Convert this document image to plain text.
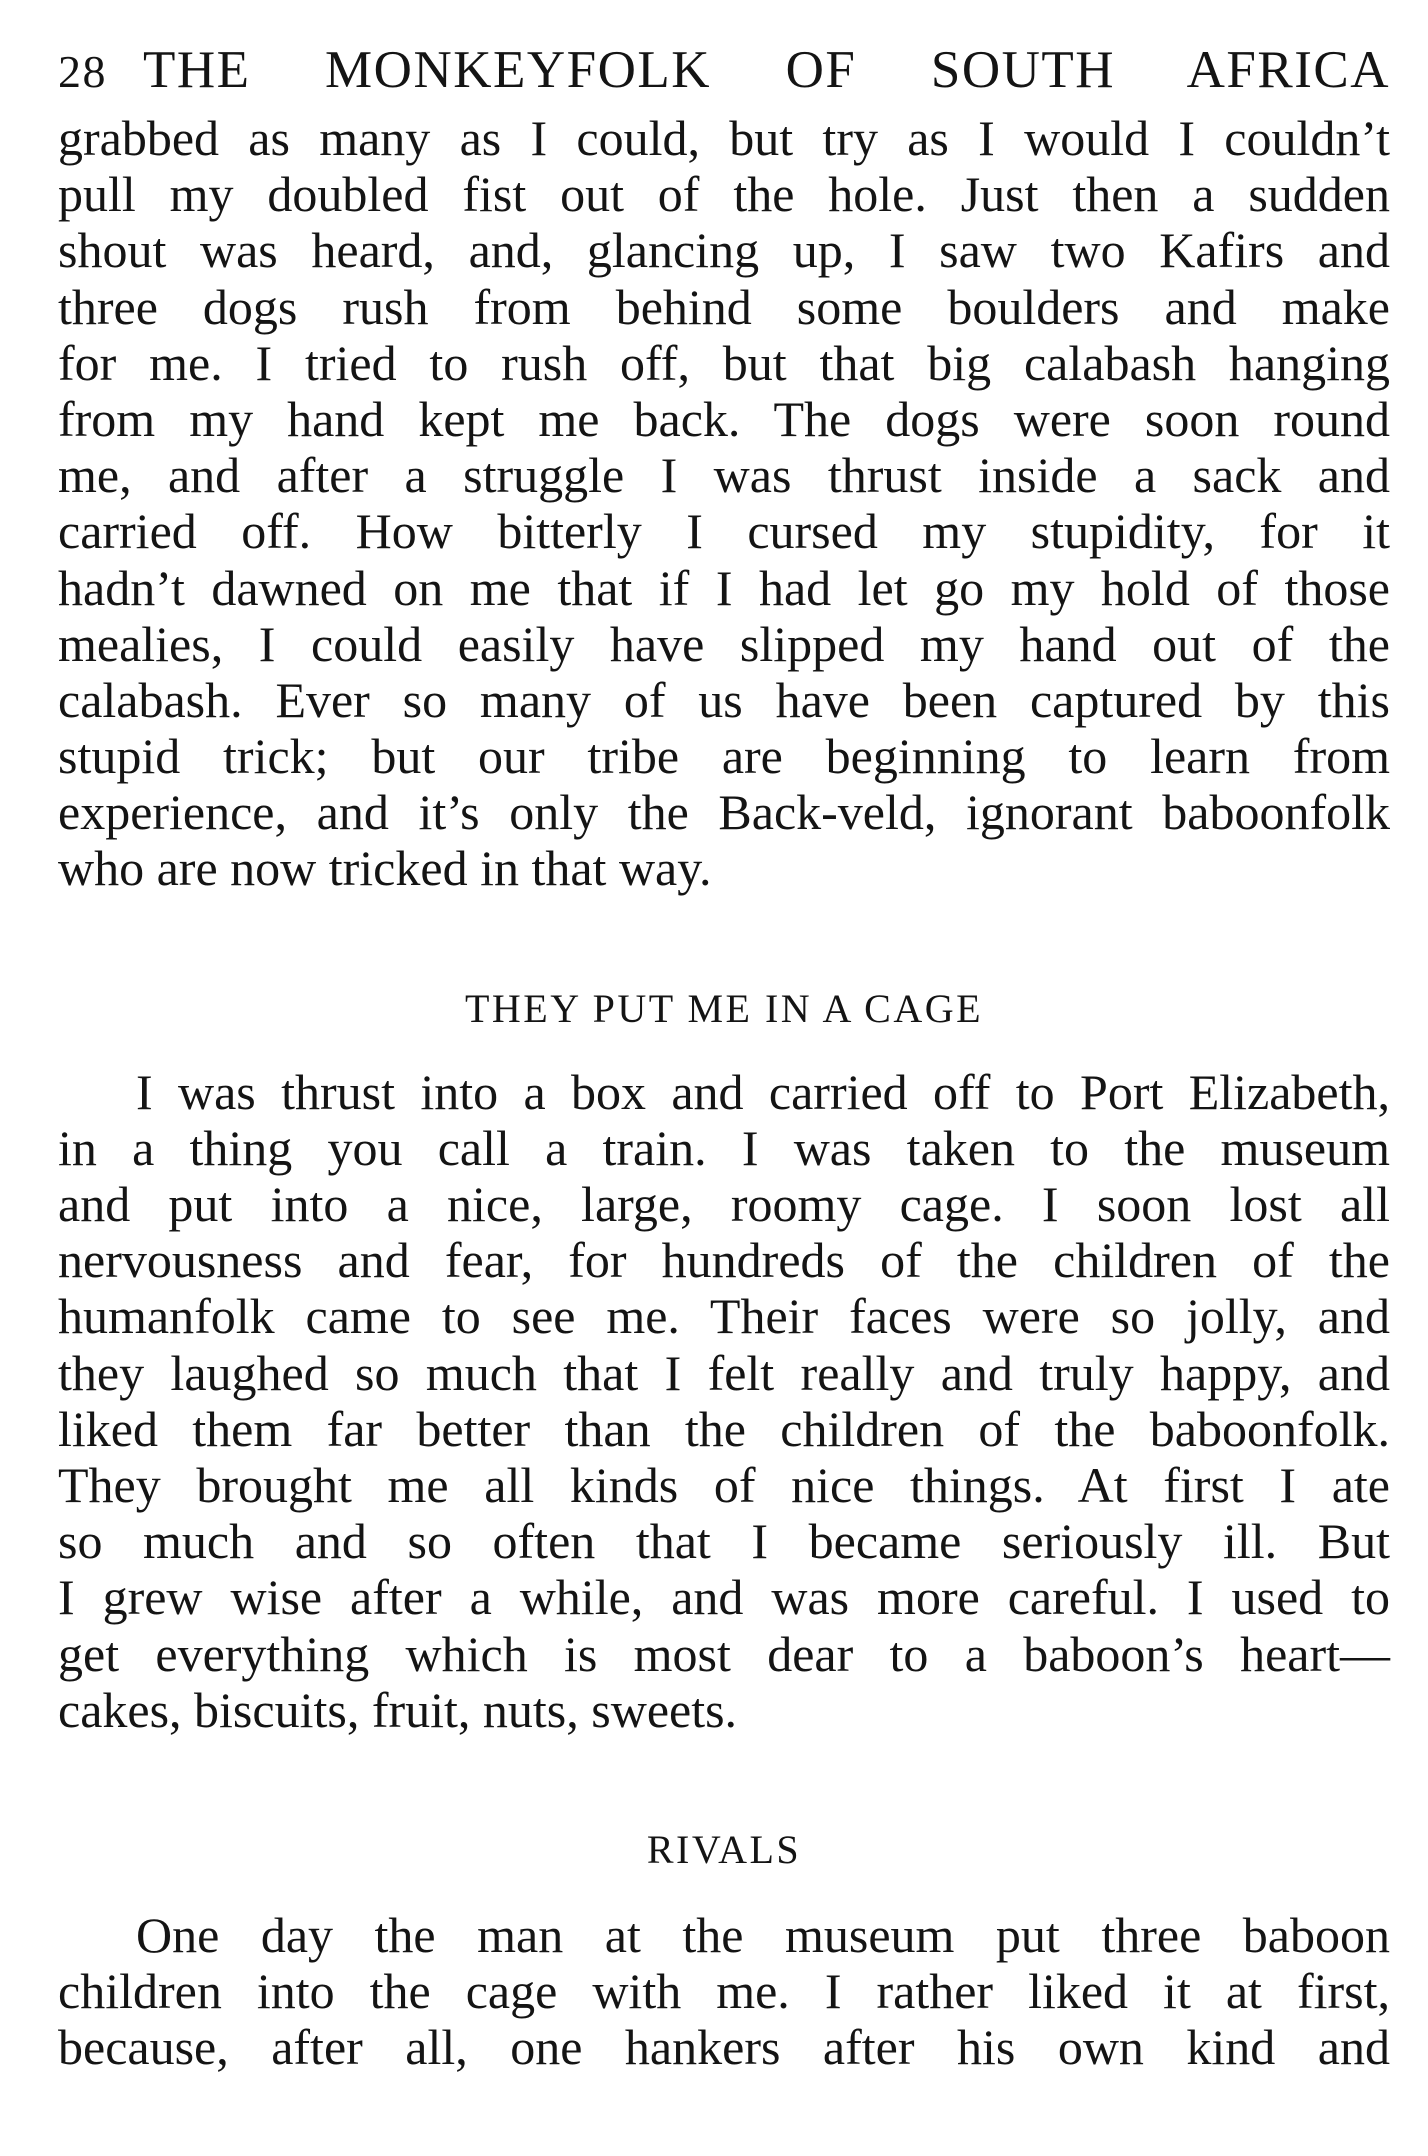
28 THE MONKEYFOLK OF SOUTH AFRICA
grabbed as many as I could, but try as I would I couldn’t
pull my doubled fist out of the hole. Just then a sudden
shout was heard, and, glancing up, I saw two Kafirs and
three dogs rush from behind some boulders and make
for me. I tried to rush off, but that big calabash hanging
from my hand kept me back. The dogs were soon round
me, and after a struggle I was thrust inside a sack and
carried off. How bitterly I cursed my stupidity, for it
hadn’t dawned on me that if I had let go my hold of those
mealies, I could easily have slipped my hand out of the
calabash. Ever so many of us have been captured by this
stupid trick; but our tribe are beginning to learn from
experience, and it’s only the Back-veld, ignorant baboonfolk
who are now tricked in that way.
THEY PUT ME IN A CAGE
I was thrust into a box and carried off to Port Elizabeth,
in a thing you call a train. I was taken to the museum
and put into a nice, large, roomy cage. I soon lost all
nervousness and fear, for hundreds of the children of the
humanfolk came to see me. Their faces were so jolly, and
they laughed so much that I felt really and truly happy, and
liked them far better than the children of the baboonfolk.
They brought me all kinds of nice things. At first I ate
so much and so often that I became seriously ill. But
I grew wise after a while, and was more careful. I used to
get everything which is most dear to a baboon’s heart—
cakes, biscuits, fruit, nuts, sweets.
RIVALS
One day the man at the museum put three baboon
children into the cage with me. I rather liked it at first,
because, after all, one hankers after his own kind and
